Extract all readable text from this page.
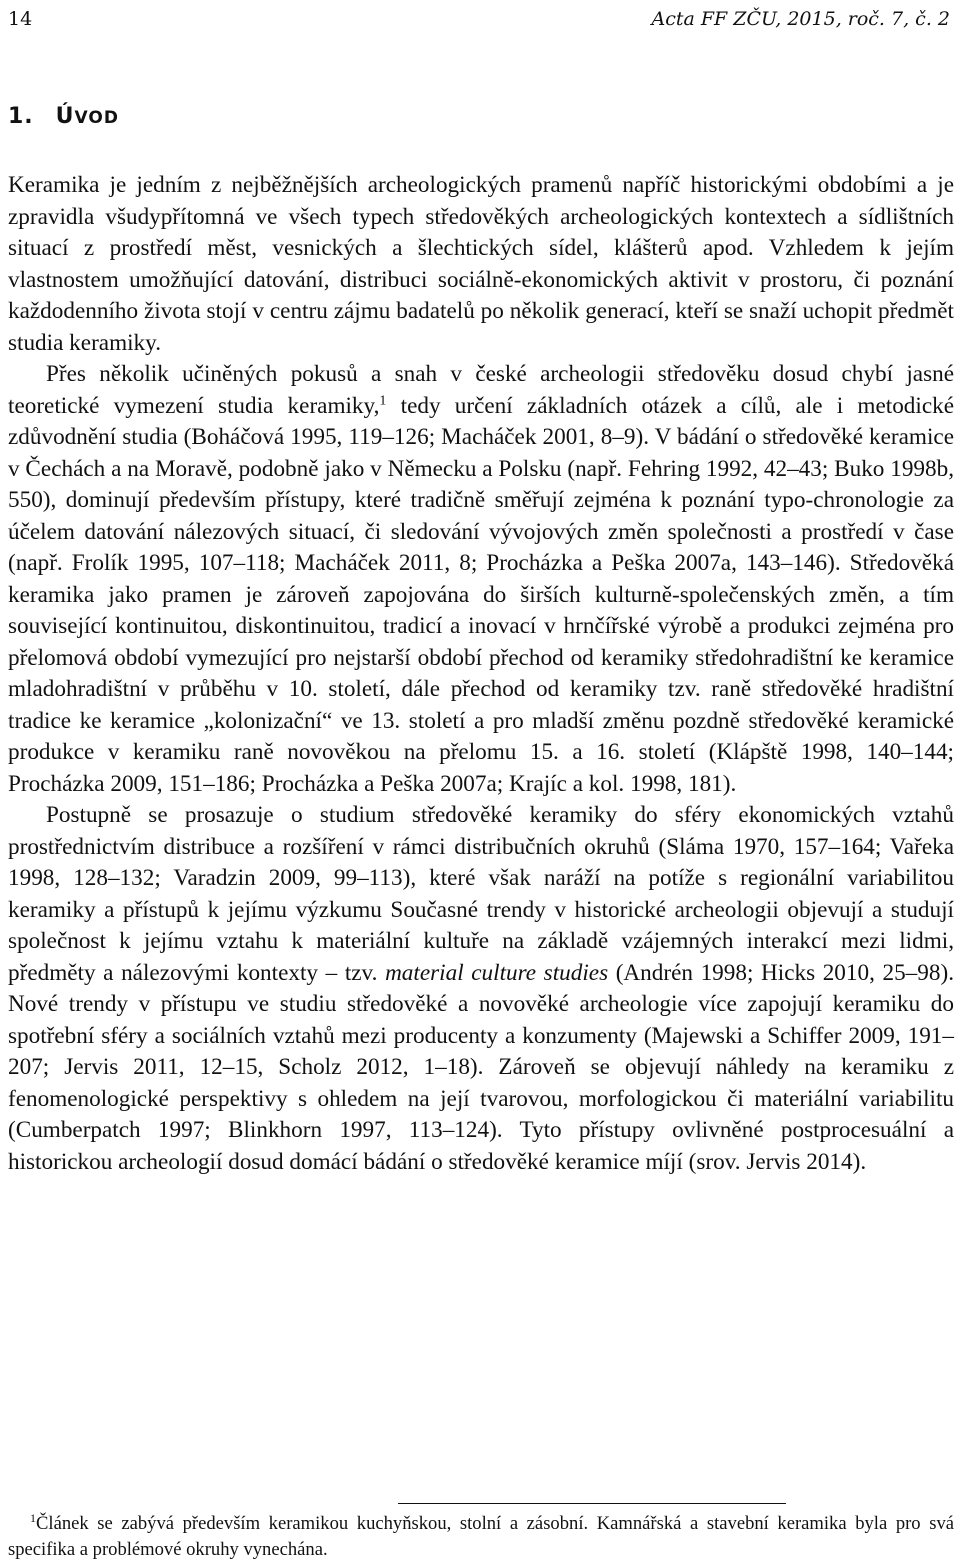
14	Acta FF ZČU, 2015, roč. 7, č. 2
1. ÚVOD

Keramika je jedním z nejběžnějších archeologických pramenů napříč historickými obdobími a je zpravidla všudypřítomná ve všech typech středověkých archeologických kontextech a sídlištních situací z prostředí měst, vesnických a šlechtických sídel, klášterů apod. Vzhledem k jejím vlastnostem umožňující datování, distribuci sociálně-ekonomických aktivit v prostoru, či poznání každodenního života stojí v centru zájmu badatelů po několik generací, kteří se snaží uchopit předmět studia keramiky.

Přes několik učiněných pokusů a snah v české archeologii středověku dosud chybí jasné teoretické vymezení studia keramiky,$^1$ tedy určení základních otázek a cílů, ale i metodické zdůvodnění studia (Boháčová 1995, 119–126; Macháček 2001, 8–9). V bádání o středověké keramice v Čechách a na Moravě, podobně jako v Německu a Polsku (např. Fehring 1992, 42–43; Buko 1998b, 550), dominují především přístupy, které tradičně směřují zejména k poznání typo-chronologie za účelem datování nálezových situací, či sledování vývojových změn společnosti a prostředí v čase (např. Frolík 1995, 107–118; Macháček 2011, 8; Procházka a Peška 2007a, 143–146). Středověká keramika jako pramen je zároveň zapojována do širších kulturně-společenských změn, a tím související kontinuitou, diskontinuitou, tradicí a inovací v hrnčířské výrobě a produkci zejména pro přelomová období vymezující pro nejstarší období přechod od keramiky středohradištní ke keramice mladohradištní v průběhu v 10. století, dále přechod od keramiky tzv. raně středověké hradištní tradice ke keramice „kolonizační“ ve 13. století a pro mladší změnu pozdně středověké keramické produkce v keramiku raně novověkou na přelomu 15. a 16. století (Klápště 1998, 140–144; Procházka 2009, 151–186; Procházka a Peška 2007a; Krajíc a kol. 1998, 181).

Postupně se prosazuje o studium středověké keramiky do sféry ekonomických vztahů prostřednictvím distribuce a rozšíření v rámci distribučních okruhů (Sláma 1970, 157–164; Vařeka 1998, 128–132; Varadzin 2009, 99–113), které však naráží na potíže s regionální variabilitou keramiky a přístupů k jejímu výzkumu Současné trendy v historické archeologii objevují a studují společnost k jejímu vztahu k materiální kultuře na základě vzájemných interakcí mezi lidmi, předměty a nálezovými kontexty – tzv. material culture studies (Andrén 1998; Hicks 2010, 25–98). Nové trendy v přístupu ve studiu středověké a novověké archeologie více zapojují keramiku do spotřební sféry a sociálních vztahů mezi producenty a konzumenty (Majewski a Schiffer 2009, 191–207; Jervis 2011, 12–15, Scholz 2012, 1–18). Zároveň se objevují náhledy na keramiku z fenomenologické perspektivy s ohledem na její tvarovou, morfologickou či materiální variabilitu (Cumberpatch 1997; Blinkhorn 1997, 113–124). Tyto přístupy ovlivněné postprocesuální a historickou archeologií dosud domácí bádání o středověké keramice míjí (srov. Jervis 2014).

$^1$Článek se zabývá především keramikou kuchyňskou, stolní a zásobní. Kamnářská a stavební keramika byla pro svá specifika a problémové okruhy vynechána.
